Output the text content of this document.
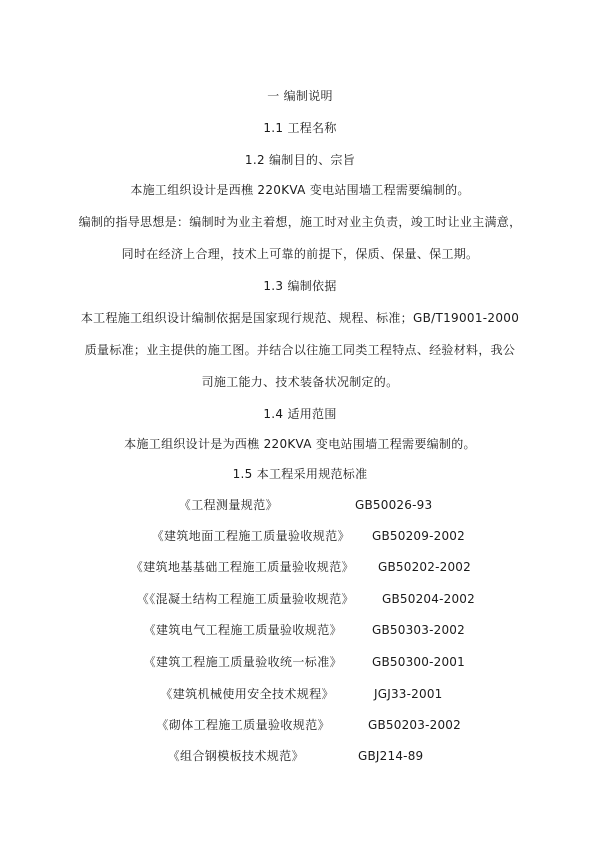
一 编制说明
1.1 工程名称
1.2 编制目的、宗旨
本施工组织设计是西樵 220KVA 变电站围墙工程需要编制的。
编制的指导思想是：编制时为业主着想，施工时对业主负责，竣工时让业主满意，
同时在经济上合理，技术上可靠的前提下，保质、保量、保工期。
1.3 编制依据
本工程施工组织设计编制依据是国家现行规范、规程、标准；GB/T19001-2000
质量标准；业主提供的施工图。并结合以往施工同类工程特点、经验材料，我公
司施工能力、技术装备状况制定的。
1.4 适用范围
本施工组织设计是为西樵 220KVA 变电站围墙工程需要编制的。
1.5 本工程采用规范标准
《工程测量规范》	GB50026-93
《建筑地面工程施工质量验收规范》 GB50209-2002
《建筑地基基础工程施工质量验收规范》 GB50202-2002
《《混凝土结构工程施工质量验收规范》 GB50204-2002
《建筑电气工程施工质量验收规范》	GB50303-2002
《建筑工程施工质量验收统一标准》	GB50300-2001
《建筑机械使用安全技术规程》	JGJ33-2001
《砌体工程施工质量验收规范》	GB50203-2002
《组合钢模板技术规范》	GBJ214-89
